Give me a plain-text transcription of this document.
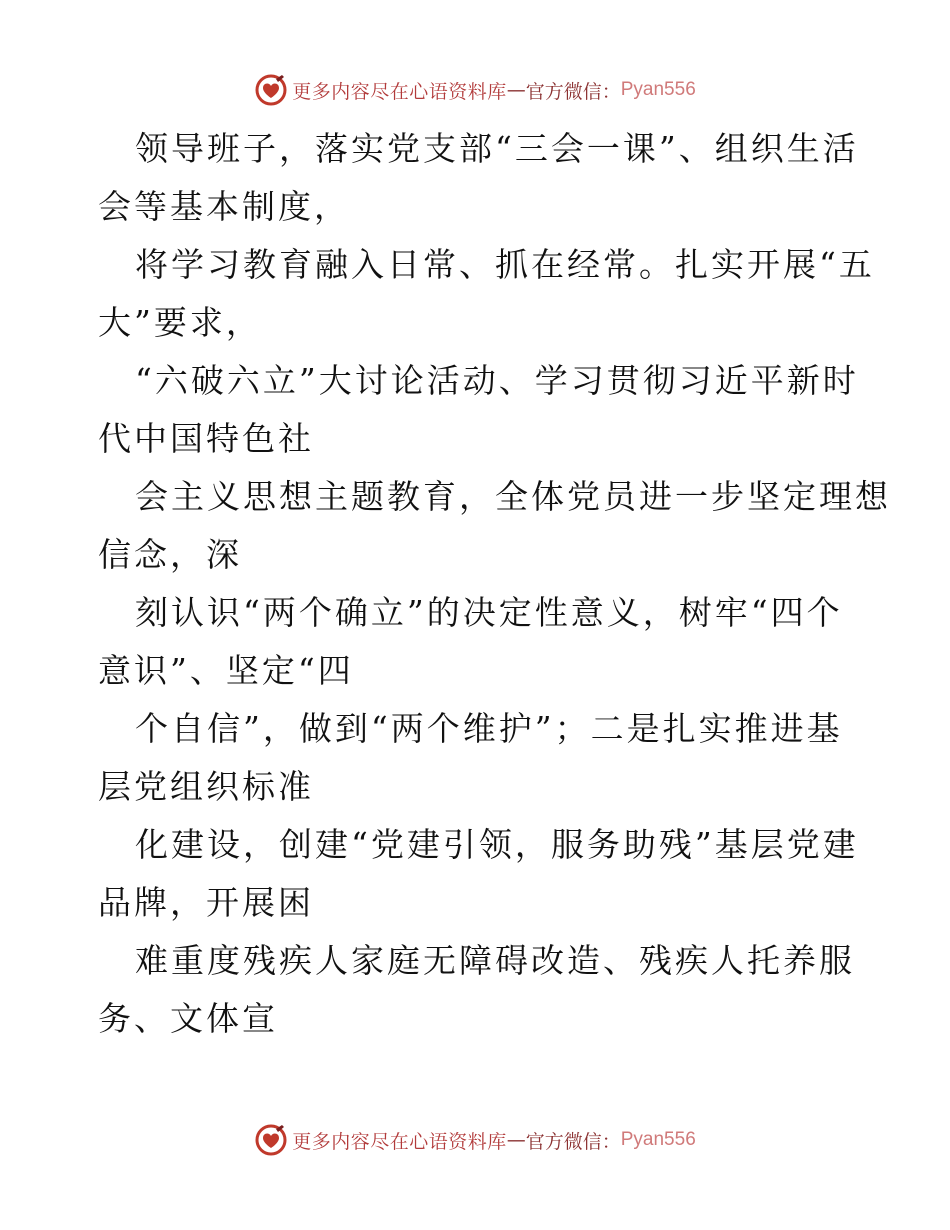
更多内容尽在心语资料库 — 官方微信： Pyan556
领导班子，落实党支部“三会一课”、组织生活
会等基本制度，
将学习教育融入日常、抓在经常。扎实开展“五
大”要求，
“六破六立”大讨论活动、学习贯彻习近平新时
代中国特色社
会主义思想主题教育，全体党员进一步坚定理想
信念，深
刻认识“两个确立”的决定性意义，树牢“四个
意识”、坚定“四
个自信”，做到“两个维护”；二是扎实推进基
层党组织标准
化建设，创建“党建引领，服务助残”基层党建
品牌，开展困
难重度残疾人家庭无障碍改造、残疾人托养服
务、文体宣
更多内容尽在心语资料库 — 官方微信： Pyan556
